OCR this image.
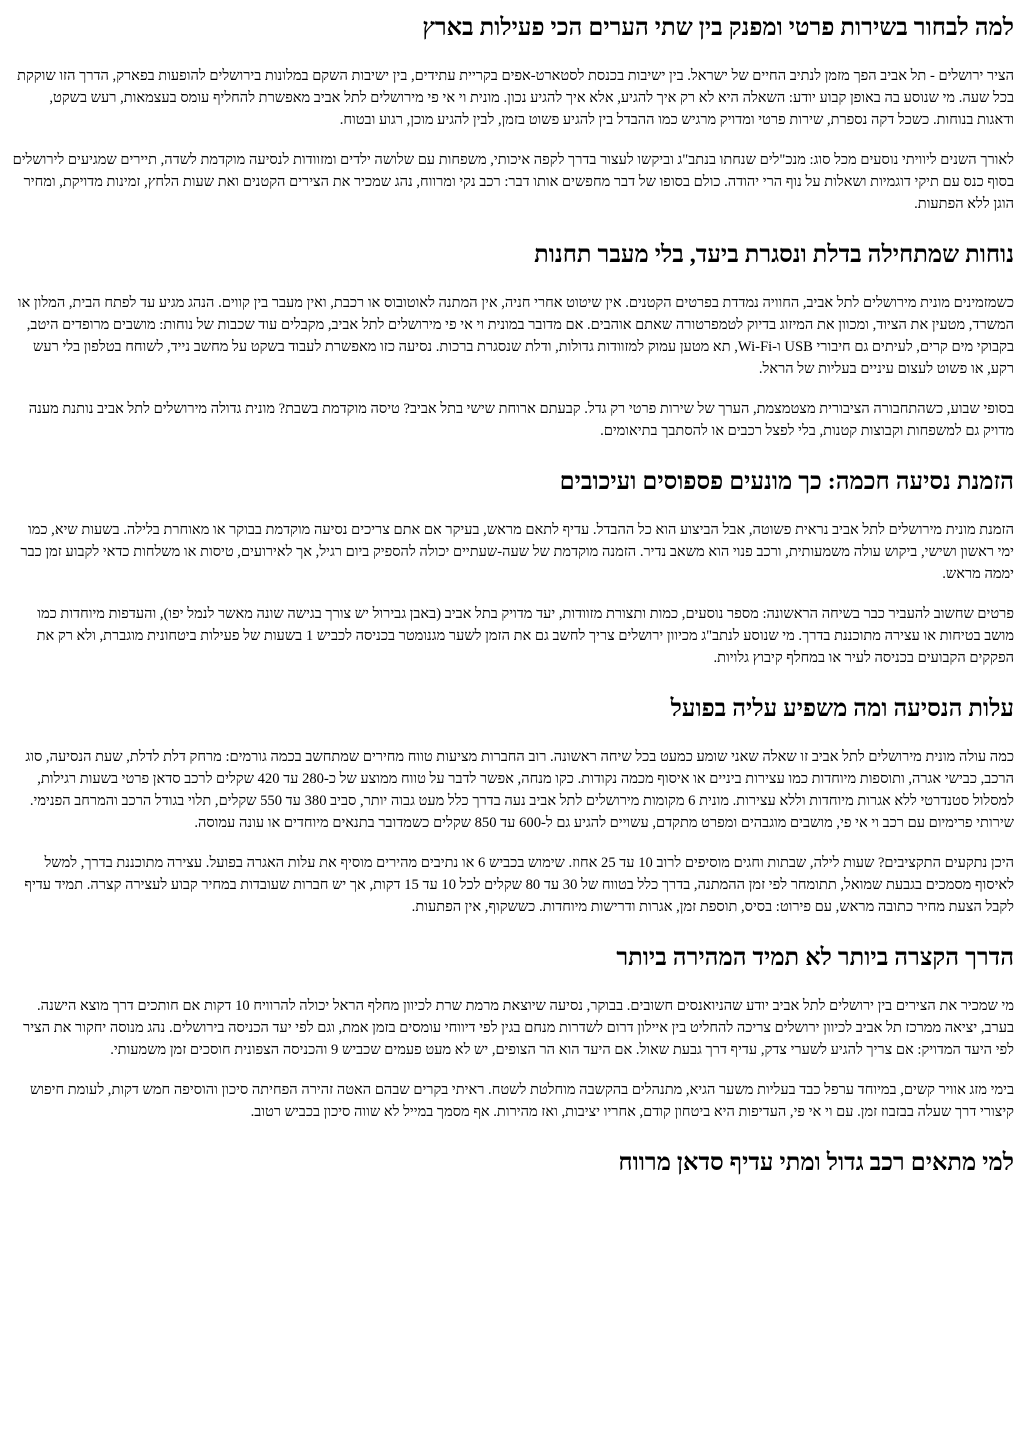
למה לבחור בשירות פרטי ומפנק בין שתי הערים הכי פעילות בארץ

הציר ירושלים - תל אביב הפך מזמן לנתיב החיים של ישראל. בין ישיבות בכנסת לסטארט-אפים בקריית עתידים, בין ישיבות השקם במלונות בירושלים להופעות בפארק, הדרך הזו שוקקת בכל שעה. מי שנוסע בה באופן קבוע יודע: השאלה היא לא רק איך להגיע, אלא איך להגיע נכון. מונית וי אי פי מירושלים לתל אביב מאפשרת להחליף עומס בעצמאות, רעש בשקט, ודאגות בנוחות. כשכל דקה נספרת, שירות פרטי ומדויק מרגיש כמו ההבדל בין להגיע פשוט בזמן, לבין להגיע מוכן, רגוע ובטוח.

לאורך השנים ליוויתי נוסעים מכל סוג: מנכ"לים שנחתו בנתב"ג וביקשו לעצור בדרך לקפה איכותי, משפחות עם שלושה ילדים ומזוודות לנסיעה מוקדמת לשדה, תיירים שמגיעים לירושלים בסוף כנס עם תיקי דוגמיות ושאלות על נוף הרי יהודה. כולם בסופו של דבר מחפשים אותו דבר: רכב נקי ומרווח, נהג שמכיר את הצירים הקטנים ואת שעות הלחץ, זמינות מדויקת, ומחיר הוגן ללא הפתעות.

נוחות שמתחילה בדלת ונסגרת ביעד, בלי מעבר תחנות

כשמזמינים מונית מירושלים לתל אביב, החוויה נמדדת בפרטים הקטנים. אין שיטוט אחרי חניה, אין המתנה לאוטובוס או רכבת, ואין מעבר בין קווים. הנהג מגיע עד לפתח הבית, המלון או המשרד, מטעין את הציוד, ומכוון את המיזוג בדיוק לטמפרטורה שאתם אוהבים. אם מדובר במונית וי אי פי מירושלים לתל אביב, מקבלים עוד שכבות של נוחות: מושבים מרופדים היטב, בקבוקי מים קרים, לעיתים גם חיבורי USB ו-Wi-Fi, תא מטען עמוק למזוודות גדולות, ודלת שנסגרת ברכות. נסיעה כזו מאפשרת לעבוד בשקט על מחשב נייד, לשוחח בטלפון בלי רעש רקע, או פשוט לעצום עיניים בעליות של הראל.

בסופי שבוע, כשהתחבורה הציבורית מצטמצמת, הערך של שירות פרטי רק גדל. קבעתם ארוחת שישי בתל אביב? טיסה מוקדמת בשבת? מונית גדולה מירושלים לתל אביב נותנת מענה מדויק גם למשפחות וקבוצות קטנות, בלי לפצל רכבים או להסתבך בתיאומים.

הזמנת נסיעה חכמה: כך מונעים פספוסים ועיכובים

הזמנת מונית מירושלים לתל אביב נראית פשוטה, אבל הביצוע הוא כל ההבדל. עדיף לתאם מראש, בעיקר אם אתם צריכים נסיעה מוקדמת בבוקר או מאוחרת בלילה. בשעות שיא, כמו ימי ראשון ושישי, ביקוש עולה משמעותית, ורכב פנוי הוא משאב נדיר. הזמנה מוקדמת של שעה-שעתיים יכולה להספיק ביום רגיל, אך לאירועים, טיסות או משלחות כדאי לקבוע זמן כבר יממה מראש.

פרטים שחשוב להעביר כבר בשיחה הראשונה: מספר נוסעים, כמות ותצורת מזוודות, יעד מדויק בתל אביב (באבן גבירול יש צורך בגישה שונה מאשר לנמל יפו), והעדפות מיוחדות כמו מושב בטיחות או עצירה מתוכננת בדרך. מי שנוסע לנתב"ג מכיוון ירושלים צריך לחשב גם את הזמן לשער מגנומטר בכניסה לכביש 1 בשעות של פעילות ביטחונית מוגברת, ולא רק את הפקקים הקבועים בכניסה לעיר או במחלף קיבוץ גלויות.

עלות הנסיעה ומה משפיע עליה בפועל

כמה עולה מונית מירושלים לתל אביב זו שאלה שאני שומע כמעט בכל שיחה ראשונה. רוב החברות מציעות טווח מחירים שמתחשב בכמה גורמים: מרחק דלת לדלת, שעת הנסיעה, סוג הרכב, כבישי אגרה, ותוספות מיוחדות כמו עצירות ביניים או איסוף מכמה נקודות. כקו מנחה, אפשר לדבר על טווח ממוצע של כ-280 עד 420 שקלים לרכב סדאן פרטי בשעות רגילות, למסלול סטנדרטי ללא אגרות מיוחדות וללא עצירות. מונית 6 מקומות מירושלים לתל אביב נעה בדרך כלל מעט גבוה יותר, סביב 380 עד 550 שקלים, תלוי בגודל הרכב והמרחב הפנימי. שירותי פרימיום עם רכב וי אי פי, מושבים מוגבהים ומפרט מתקדם, עשויים להגיע גם ל-600 עד 850 שקלים כשמדובר בתנאים מיוחדים או עונה עמוסה.

היכן נתקעים התקציבים? שעות לילה, שבתות וחגים מוסיפים לרוב 10 עד 25 אחוז. שימוש בכביש 6 או נתיבים מהירים מוסיף את עלות האגרה בפועל. עצירה מתוכננת בדרך, למשל לאיסוף מסמכים בגבעת שמואל, תתומחר לפי זמן ההמתנה, בדרך כלל בטווח של 30 עד 80 שקלים לכל 10 עד 15 דקות, אך יש חברות שעובדות במחיר קבוע לעצירה קצרה. תמיד עדיף לקבל הצעת מחיר כתובה מראש, עם פירוט: בסיס, תוספת זמן, אגרות ודרישות מיוחדות. כששקוף, אין הפתעות.

הדרך הקצרה ביותר לא תמיד המהירה ביותר

מי שמכיר את הצירים בין ירושלים לתל אביב יודע שהניואנסים חשובים. בבוקר, נסיעה שיוצאת מרמת שרת לכיוון מחלף הראל יכולה להרוויח 10 דקות אם חותכים דרך מוצא הישנה. בערב, יציאה ממרכז תל אביב לכיוון ירושלים צריכה להחליט בין איילון דרום לשדרות מנחם בגין לפי דיווחי עומסים בזמן אמת, וגם לפי יעד הכניסה בירושלים. נהג מנוסה יחקור את הציר לפי היעד המדויק: אם צריך להגיע לשערי צדק, עדיף דרך גבעת שאול. אם היעד הוא הר הצופים, יש לא מעט פעמים שכביש 9 והכניסה הצפונית חוסכים זמן משמעותי.

בימי מזג אוויר קשים, במיוחד ערפל כבד בעליות משער הגיא, מתנהלים בהקשבה מוחלטת לשטח. ראיתי בקרים שבהם האטה זהירה הפחיתה סיכון והוסיפה חמש דקות, לעומת חיפוש קיצורי דרך שעלה בבזבוז זמן. עם וי אי פי, העדיפות היא ביטחון קודם, אחריו יציבות, ואז מהירות. אף מסמך במייל לא שווה סיכון בכביש רטוב.

למי מתאים רכב גדול ומתי עדיף סדאן מרווח
